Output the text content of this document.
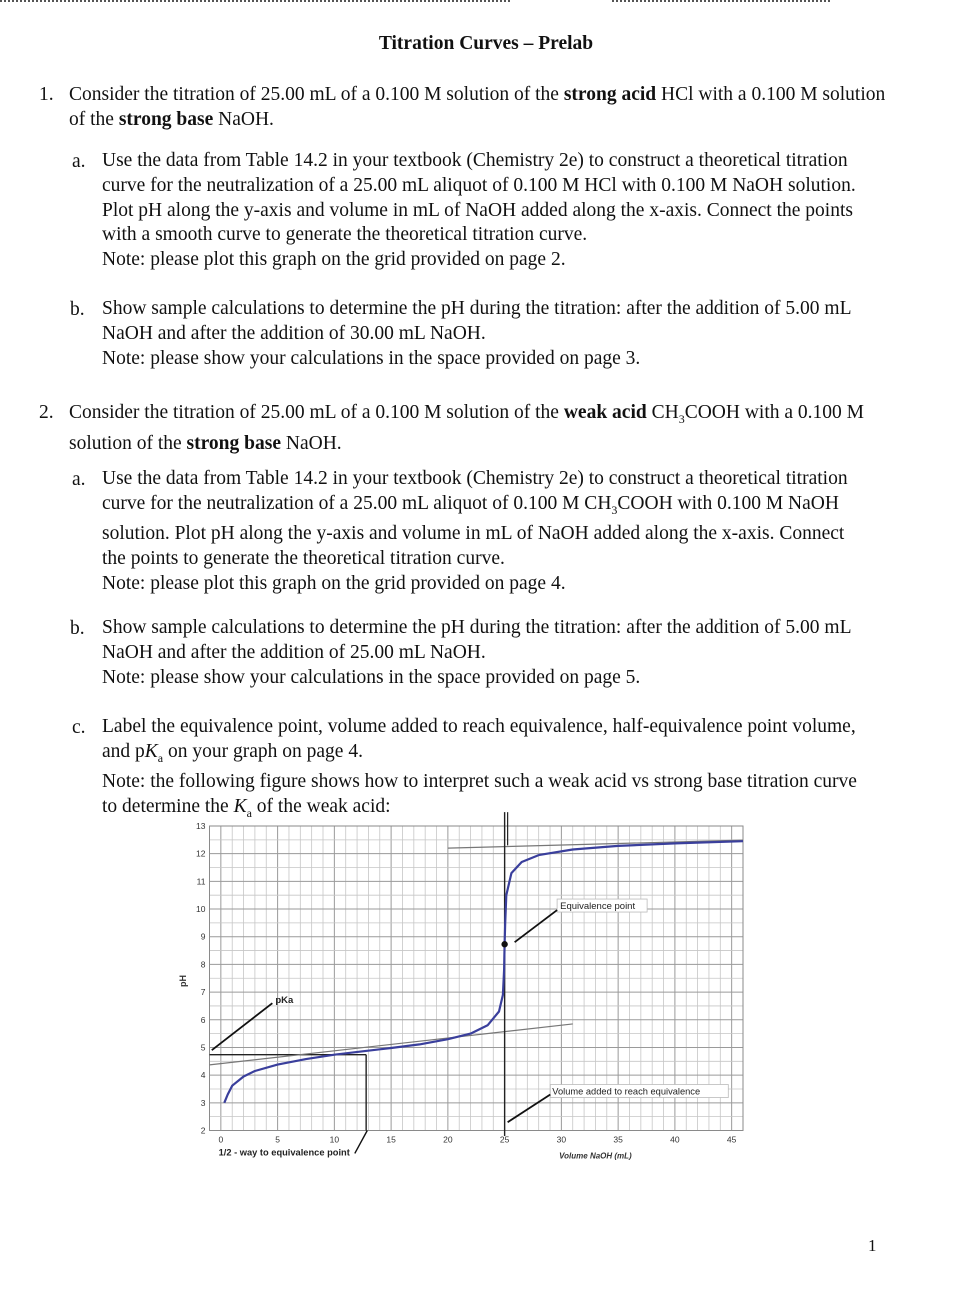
Titration Curves – Prelab
1. Consider the titration of 25.00 mL of a 0.100 M solution of the strong acid HCl with a 0.100 M solution of the strong base NaOH.
a. Use the data from Table 14.2 in your textbook (Chemistry 2e) to construct a theoretical titration curve for the neutralization of a 25.00 mL aliquot of 0.100 M HCl with 0.100 M NaOH solution. Plot pH along the y-axis and volume in mL of NaOH added along the x-axis. Connect the points with a smooth curve to generate the theoretical titration curve.
Note: please plot this graph on the grid provided on page 2.
b. Show sample calculations to determine the pH during the titration: after the addition of 5.00 mL NaOH and after the addition of 30.00 mL NaOH.
Note: please show your calculations in the space provided on page 3.
2. Consider the titration of 25.00 mL of a 0.100 M solution of the weak acid $CH_3COOH$ with a 0.100 M solution of the strong base NaOH.
a. Use the data from Table 14.2 in your textbook (Chemistry 2e) to construct a theoretical titration curve for the neutralization of a 25.00 mL aliquot of 0.100 M $CH_3COOH$ with 0.100 M NaOH solution. Plot pH along the y-axis and volume in mL of NaOH added along the x-axis. Connect the points to generate the theoretical titration curve.
Note: please plot this graph on the grid provided on page 4.
b. Show sample calculations to determine the pH during the titration: after the addition of 5.00 mL NaOH and after the addition of 25.00 mL NaOH.
Note: please show your calculations in the space provided on page 5.
c. Label the equivalence point, volume added to reach equivalence, half-equivalence point volume, and $pK_a$ on your graph on page 4.
Note: the following figure shows how to interpret such a weak acid vs strong base titration curve to determine the $K_a$ of the weak acid:
2
3
4
5
6
7
8
9
10
11
12
13
0	5	10	15	20	25	30	35	40	45
pH
Volume NaOH (mL)
Equivalence point
pKa
Volume added to reach equivalence
1/2 - way to equivalence point
1
